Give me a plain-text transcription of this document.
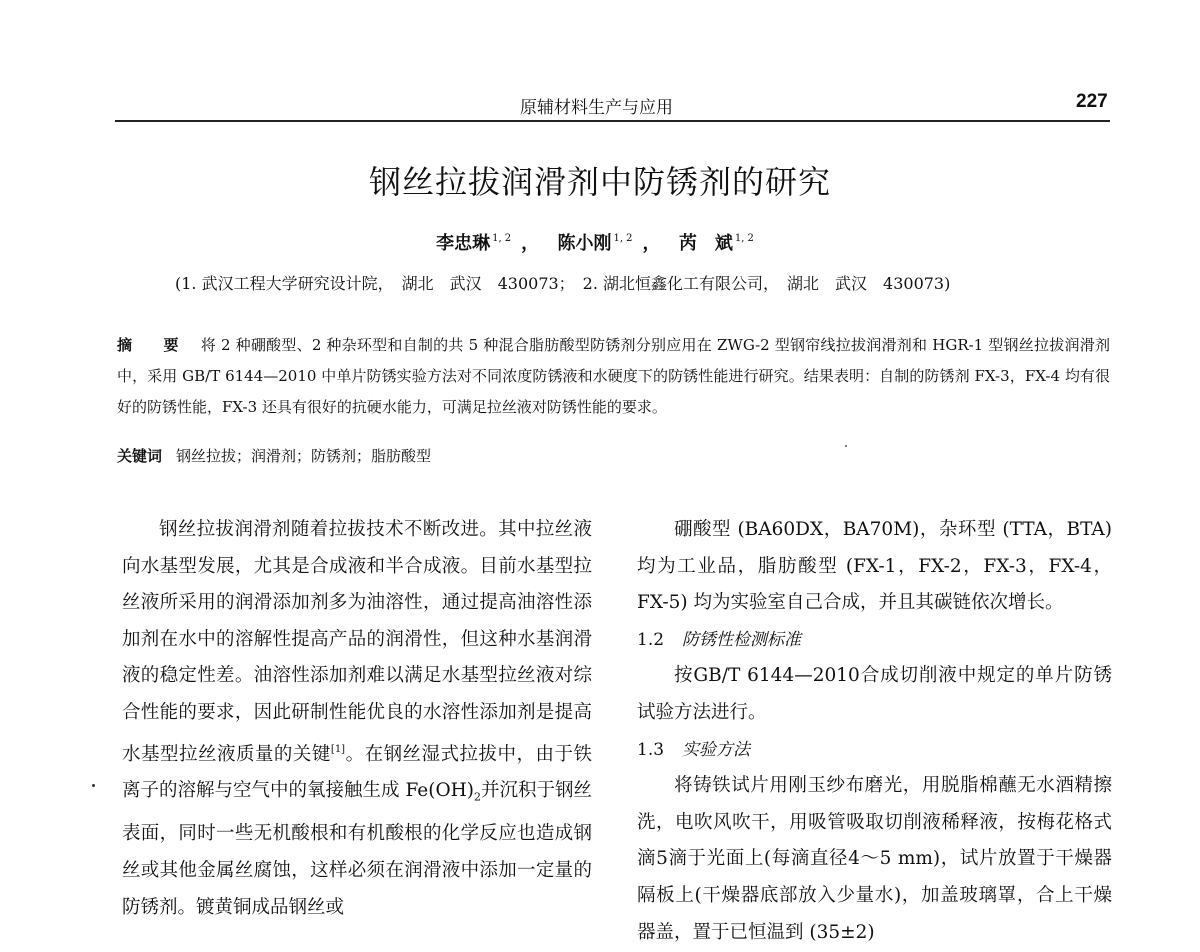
原辅材料生产与应用	227
钢丝拉拔润滑剂中防锈剂的研究
李忠琳 $^{1, 2}$ ， 陈小刚 $^{1, 2}$ ， 芮　斌 $^{1, 2}$
(1. 武汉工程大学研究设计院，　湖北　武汉　430073；　2. 湖北恒鑫化工有限公司，　湖北　武汉　430073)
摘　要 将 2 种硼酸型、2 种杂环型和自制的共 5 种混合脂肪酸型防锈剂分别应用在 ZWG-2 型钢帘线拉拔润滑剂和 HGR-1 型钢丝拉拔润滑剂中，采用 GB/T 6144—2010 中单片防锈实验方法对不同浓度防锈液和水硬度下的防锈性能进行研究。结果表明：自制的防锈剂 FX-3，FX-4 均有很好的防锈性能，FX-3 还具有很好的抗硬水能力，可满足拉丝液对防锈性能的要求。
关键词 钢丝拉拔；润滑剂；防锈剂；脂肪酸型

钢丝拉拔润滑剂随着拉拔技术不断改进。其中拉丝液向水基型发展，尤其是合成液和半合成液。目前水基型拉丝液所采用的润滑添加剂多为油溶性，通过提高油溶性添加剂在水中的溶解性提高产品的润滑性，但这种水基润滑液的稳定性差。油溶性添加剂难以满足水基型拉丝液对综合性能的要求，因此研制性能优良的水溶性添加剂是提高水基型拉丝液质量的关键[1]。在钢丝湿式拉拔中，由于铁离子的溶解与空气中的氧接触生成 $Fe(OH)_2$并沉积于钢丝表面，同时一些无机酸根和有机酸根的化学反应也造成钢丝或其他金属丝腐蚀，这样必须在润滑液中添加一定量的防锈剂。镀黄铜成品钢丝或

硼酸型 (BA60DX，BA70M)，杂环型 (TTA，BTA) 均为工业品，脂肪酸型 (FX-1，FX-2，FX-3，FX-4，FX-5) 均为实验室自己合成，并且其碳链依次增长。

1.2 防锈性检测标准

按GB/T 6144—2010合成切削液中规定的单片防锈试验方法进行。

1.3 实验方法

将铸铁试片用刚玉纱布磨光，用脱脂棉蘸无水酒精擦洗，电吹风吹干，用吸管吸取切削液稀释液，按梅花格式滴5滴于光面上(每滴直径4～5 mm)，试片放置于干燥器隔板上(干燥器底部放入少量水)，加盖玻璃罩，合上干燥器盖，置于已恒温到 (35±2)
